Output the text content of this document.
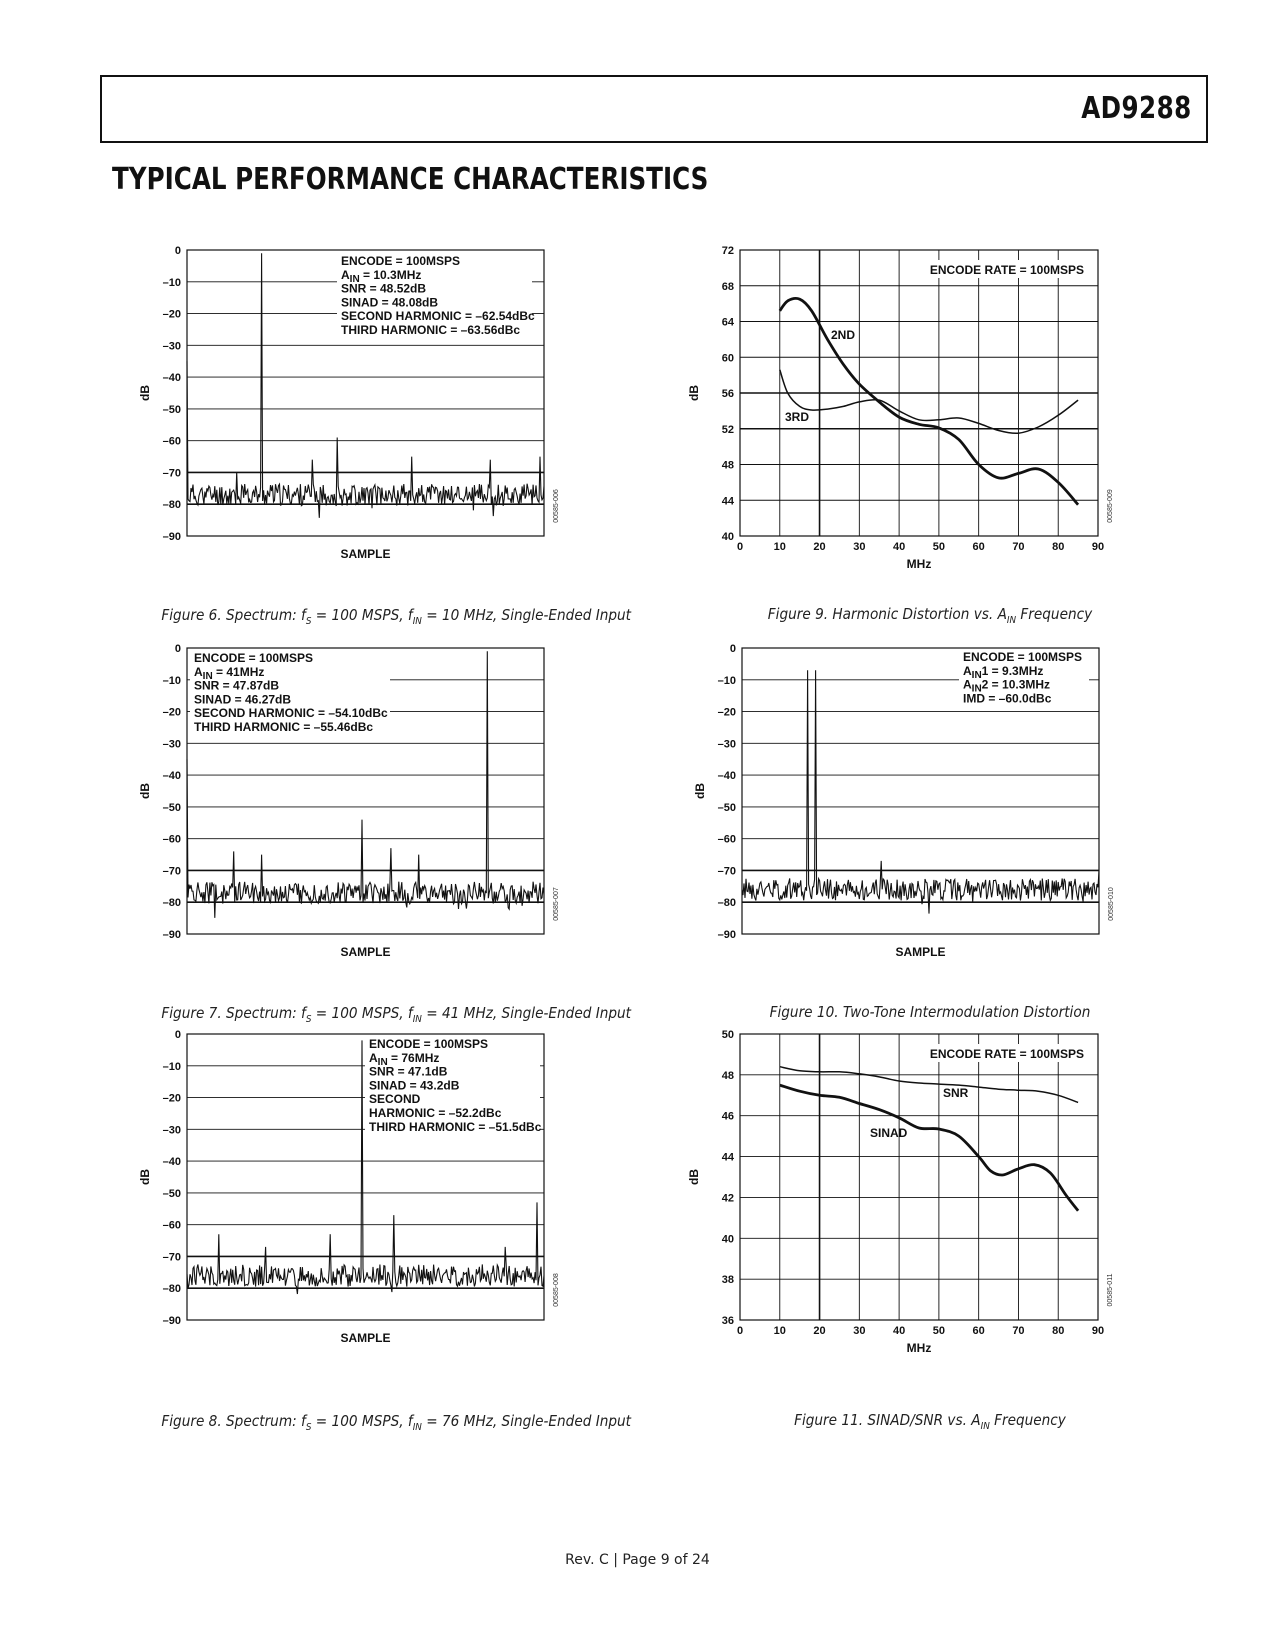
AD9288
TYPICAL PERFORMANCE CHARACTERISTICS
0
–10
–20
–30
–40
–50
–60
–70
–80
–90
dB
SAMPLE
00585-006
ENCODE = 100MSPS
$A_{IN} = 10.3MHz$
SNR = 48.52dB
SINAD = 48.08dB
SECOND HARMONIC = –62.54dBc
THIRD HARMONIC = –63.56dBc
0
–10
–20
–30
–40
–50
–60
–70
–80
–90
dB
SAMPLE
00585-007
ENCODE = 100MSPS
$A_{IN} = 41MHz$
SNR = 47.87dB
SINAD = 46.27dB
SECOND HARMONIC = –54.10dBc
THIRD HARMONIC = –55.46dBc
0
–10
–20
–30
–40
–50
–60
–70
–80
–90
dB
SAMPLE
00585-008
ENCODE = 100MSPS
$A_{IN} = 76MHz$
SNR = 47.1dB
SINAD = 43.2dB
SECOND
HARMONIC = –52.2dBc
THIRD HARMONIC = –51.5dBc
72
68
64
60
56
52
48
44
40
0	10	20	30	40	50	60	70	80	90
2ND
3RD
ENCODE RATE = 100MSPS
dB
MHz
00585-009
0
–10
–20
–30
–40
–50
–60
–70
–80
–90
dB
SAMPLE
00585-010
ENCODE = 100MSPS
$A_{IN}1 = 9.3MHz$
$A_{IN}2 = 10.3MHz$
IMD = –60.0dBc
50
48
46
44
42
40
38
36
0	10	20	30	40	50	60	70	80	90
SNR
SINAD
ENCODE RATE = 100MSPS
dB
MHz
00585-011
Figure 6. Spectrum: $f_S = 100$ MSPS, $f_{IN} = 10$ MHz, Single-Ended Input
Figure 7. Spectrum: $f_S = 100$ MSPS, $f_{IN} = 41$ MHz, Single-Ended Input
Figure 8. Spectrum: $f_S = 100$ MSPS, $f_{IN} = 76$ MHz, Single-Ended Input
Figure 9. Harmonic Distortion vs. $A_{IN}$ Frequency
Figure 10. Two-Tone Intermodulation Distortion
Figure 11. SINAD/SNR vs. $A_{IN}$ Frequency
Rev. C | Page 9 of 24
